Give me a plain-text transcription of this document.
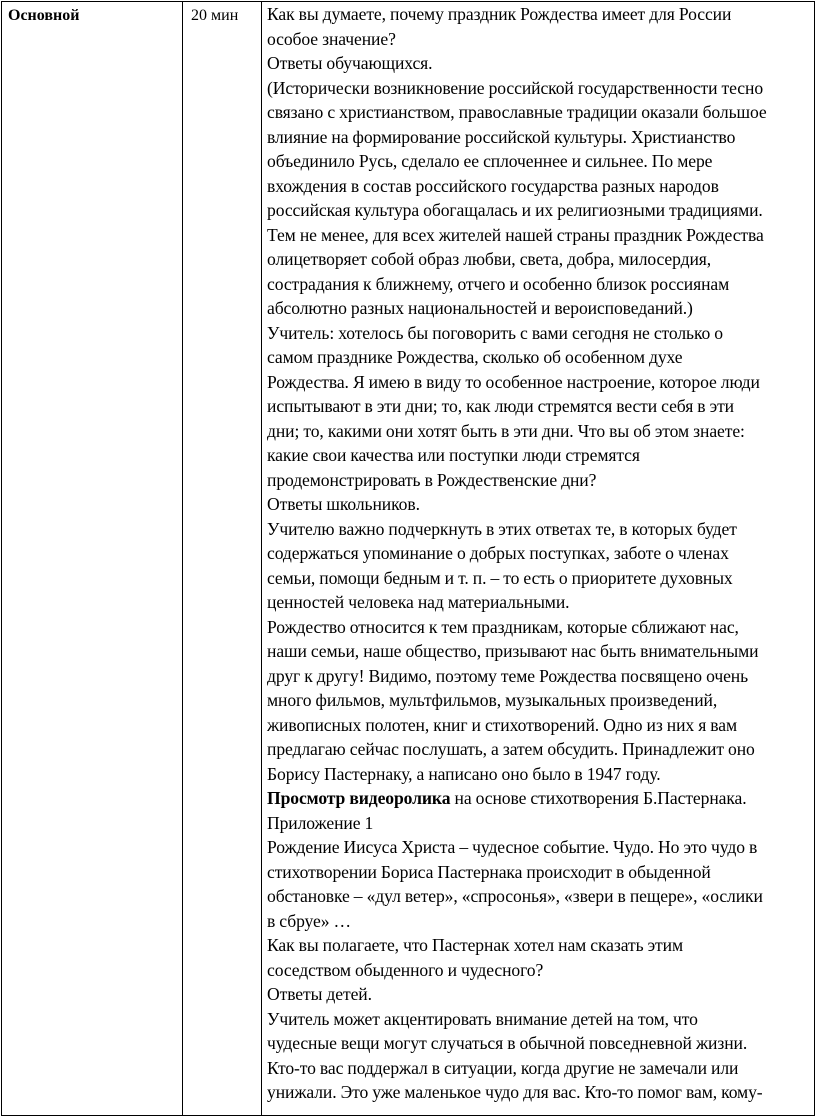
Основной	20 мин	Как вы думаете, почему праздник Рождества имеет для России
особое значение?

Ответы обучающихся.

(Исторически возникновение российской государственности тесно
связано с христианством, православные традиции оказали большое
влияние на формирование российской культуры. Христианство
объединило Русь, сделало ее сплоченнее и сильнее. По мере
вхождения в состав российского государства разных народов
российская культура обогащалась и их религиозными традициями.
Тем не менее, для всех жителей нашей страны праздник Рождества
олицетворяет собой образ любви, света, добра, милосердия,
сострадания к ближнему, отчего и особенно близок россиянам
абсолютно разных национальностей и вероисповеданий.)

Учитель: хотелось бы поговорить с вами сегодня не столько о
самом празднике Рождества, сколько об особенном духе
Рождества. Я имею в виду то особенное настроение, которое люди
испытывают в эти дни; то, как люди стремятся вести себя в эти
дни; то, какими они хотят быть в эти дни. Что вы об этом знаете:
какие свои качества или поступки люди стремятся
продемонстрировать в Рождественские дни?

Ответы школьников.

Учителю важно подчеркнуть в этих ответах те, в которых будет
содержаться упоминание о добрых поступках, заботе о членах
семьи, помощи бедным и т. п. – то есть о приоритете духовных
ценностей человека над материальными.

Рождество относится к тем праздникам, которые сближают нас,
наши семьи, наше общество, призывают нас быть внимательными
друг к другу! Видимо, поэтому теме Рождества посвящено очень
много фильмов, мультфильмов, музыкальных произведений,
живописных полотен, книг и стихотворений. Одно из них я вам
предлагаю сейчас послушать, а затем обсудить. Принадлежит оно
Борису Пастернаку, а написано оно было в 1947 году.

Просмотр видеоролика на основе стихотворения Б.Пастернака.
Приложение 1

Рождение Иисуса Христа – чудесное событие. Чудо. Но это чудо в
стихотворении Бориса Пастернака происходит в обыденной
обстановке – «дул ветер», «спросонья», «звери в пещере», «ослики
в сбруе» …

Как вы полагаете, что Пастернак хотел нам сказать этим
соседством обыденного и чудесного?

Ответы детей.

Учитель может акцентировать внимание детей на том, что
чудесные вещи могут случаться в обычной повседневной жизни.
Кто-то вас поддержал в ситуации, когда другие не замечали или
унижали. Это уже маленькое чудо для вас. Кто-то помог вам, кому-
